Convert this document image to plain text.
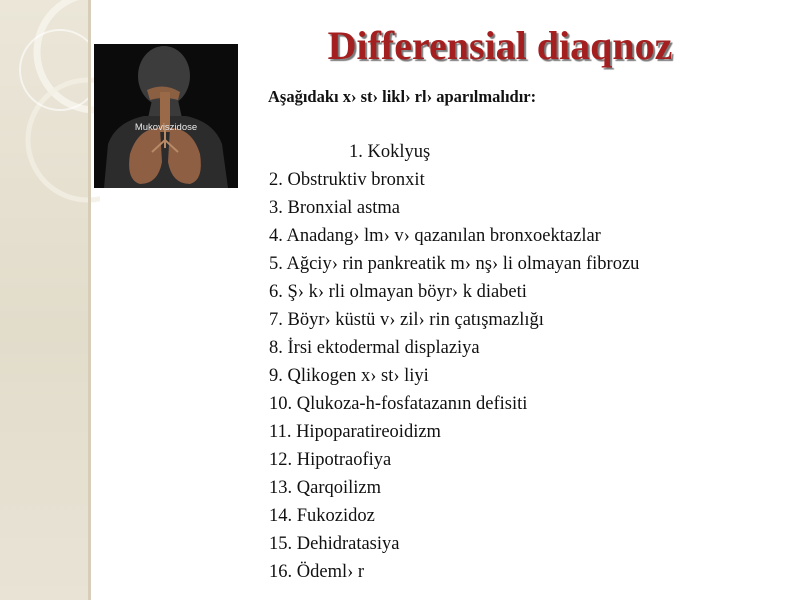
Differensial diaqnoz
Mukoviszidose
Aşağıdakı x› st› likl› rl› aparılmalıdır:
1. Koklyuş
2. Obstruktiv bronxit
3. Bronxial astma
4. Anadang› lm› v› qazanılan bronxoektazlar
5. Ağciy› rin pankreatik m› nş› li olmayan fibrozu
6. Ş› k› rli olmayan böyr› k diabeti
7. Böyr› küstü v› zil› rin çatışmazlığı
8. İrsi ektodermal displaziya
9. Qlikogen x› st› liyi
10. Qlukoza-h-fosfatazanın defisiti
11. Hipoparatireoidizm
12. Hipotraofiya
13. Qarqoilizm
14. Fukozidoz
15. Dehidratasiya
16. Ödeml› r
